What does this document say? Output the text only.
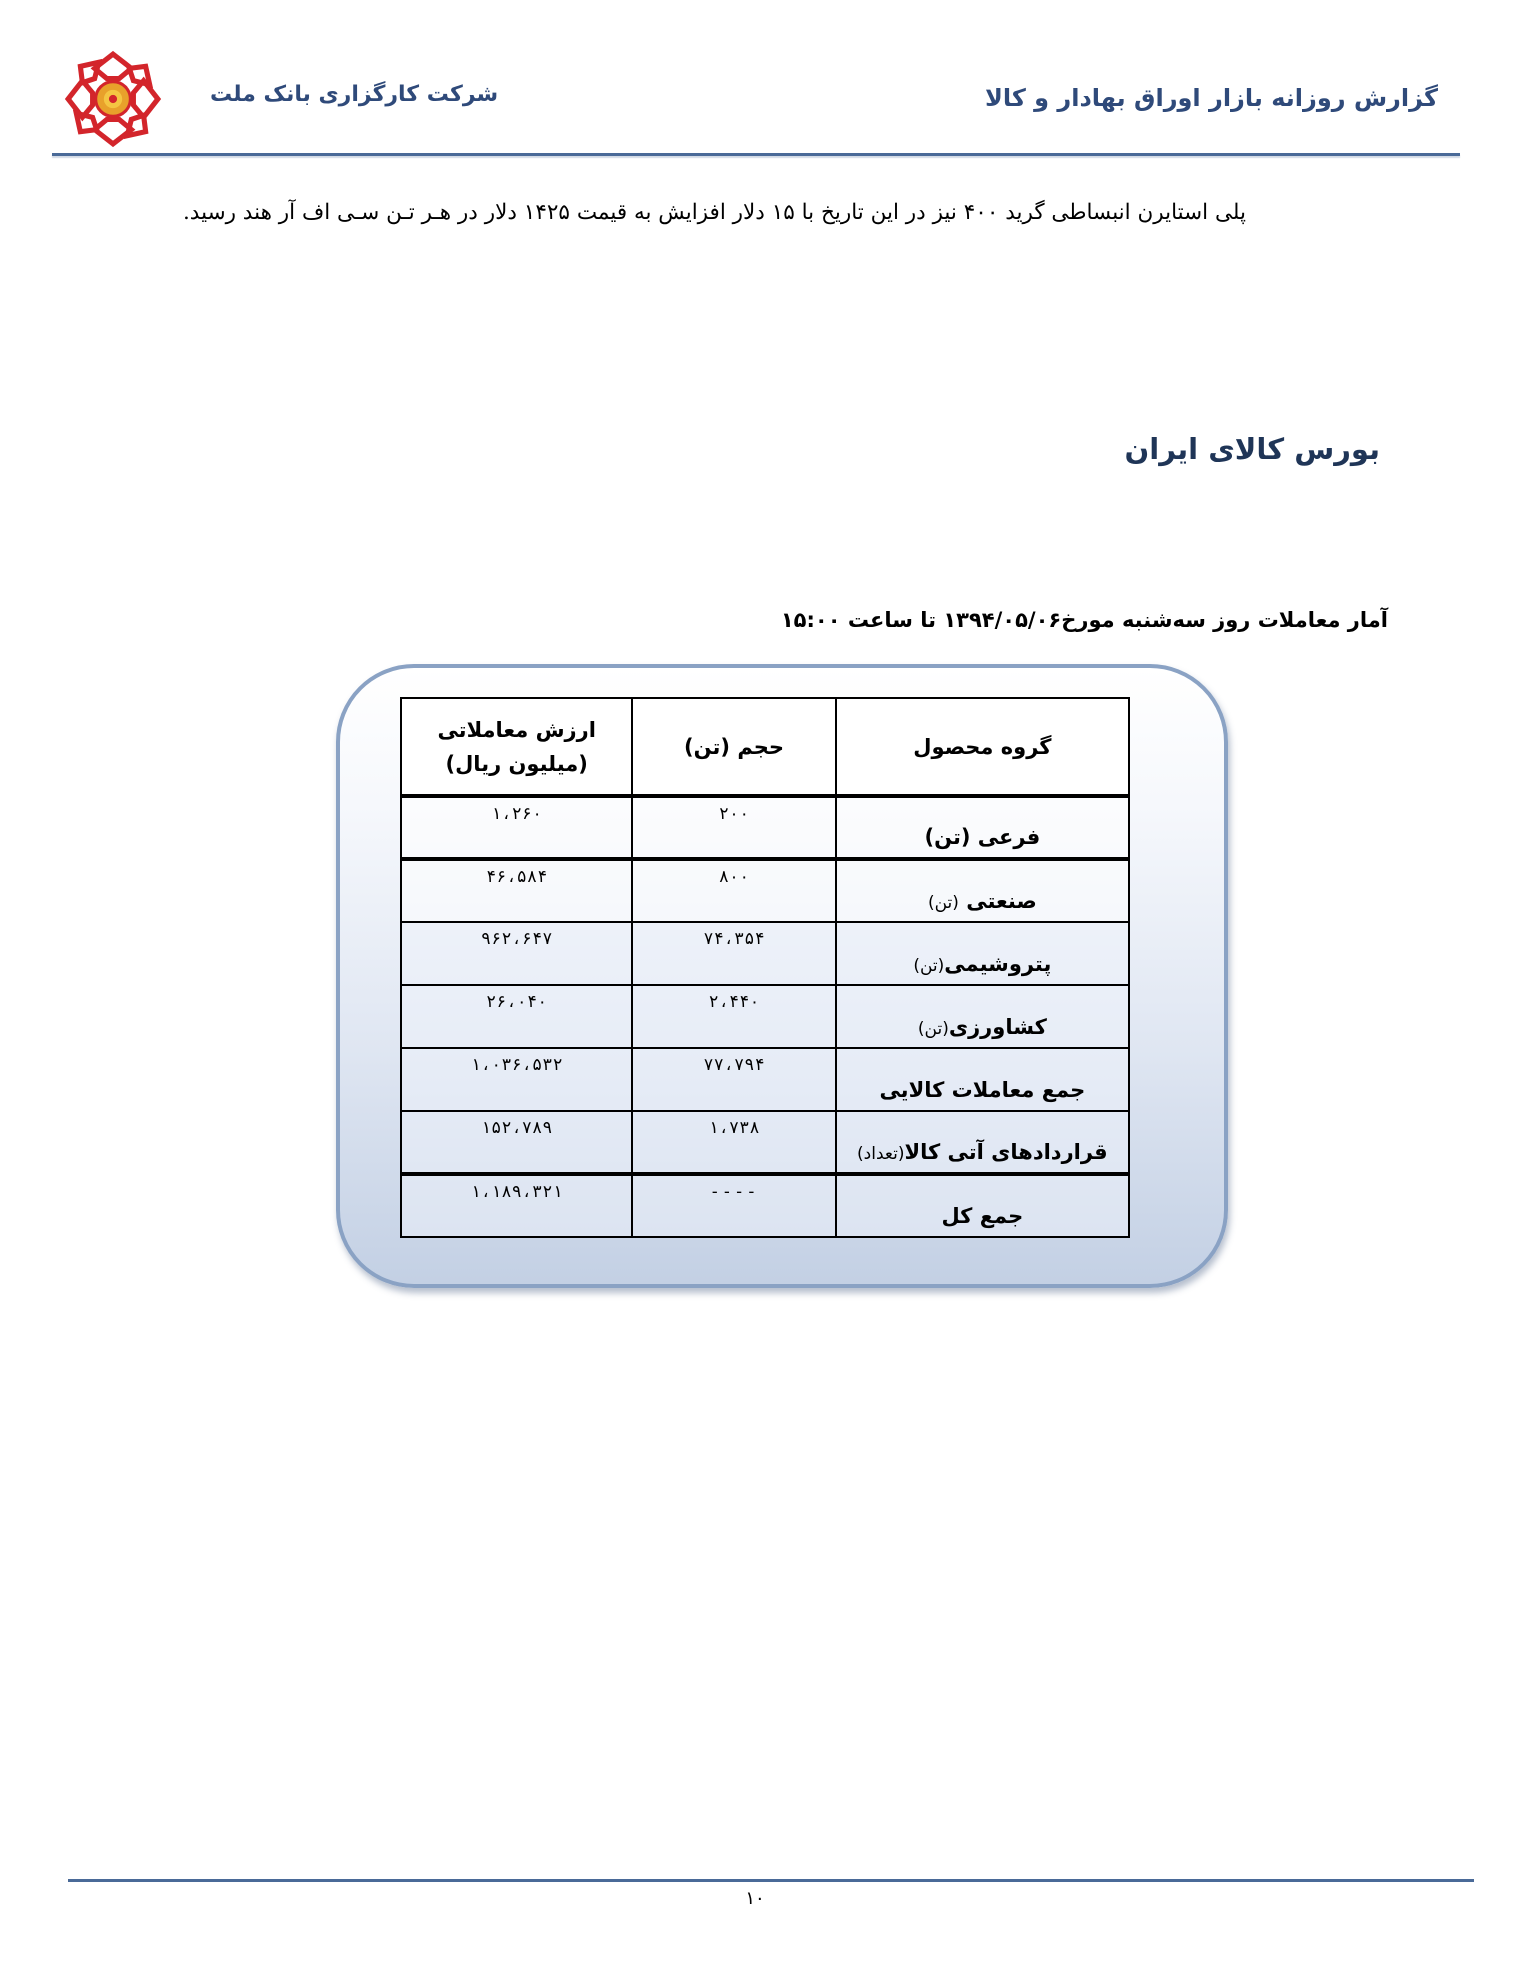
شرکت کارگزاری بانک ملت	گزارش روزانه بازار اوراق بهادار و کالا
پلی استایرن انبساطی گرید ۴۰۰ نیز در این تاریخ با ۱۵ دلار افزایش به قیمت ۱۴۲۵ دلار در هـر تـن سـی اف آر هند رسید.
بورس کالای ایران
آمار معاملات روز سه‌شنبه مورخ۱۳۹۴/۰۵/۰۶ تا ساعت ۱۵:۰۰
گروه محصول	حجم (تن)	ارزش معاملاتی
(میلیون ریال)
فرعی (تن)	۲۰۰	۱،۲۶۰
صنعتی (تن)	۸۰۰	۴۶،۵۸۴
پتروشیمی(تن)	۷۴،۳۵۴	۹۶۲،۶۴۷
کشاورزی(تن)	۲،۴۴۰	۲۶،۰۴۰
جمع معاملات کالایی	۷۷،۷۹۴	۱،۰۳۶،۵۳۲
قراردادهای آتی کالا(تعداد)	۱،۷۳۸	۱۵۲،۷۸۹
جمع کل	----	۱،۱۸۹،۳۲۱
۱۰
